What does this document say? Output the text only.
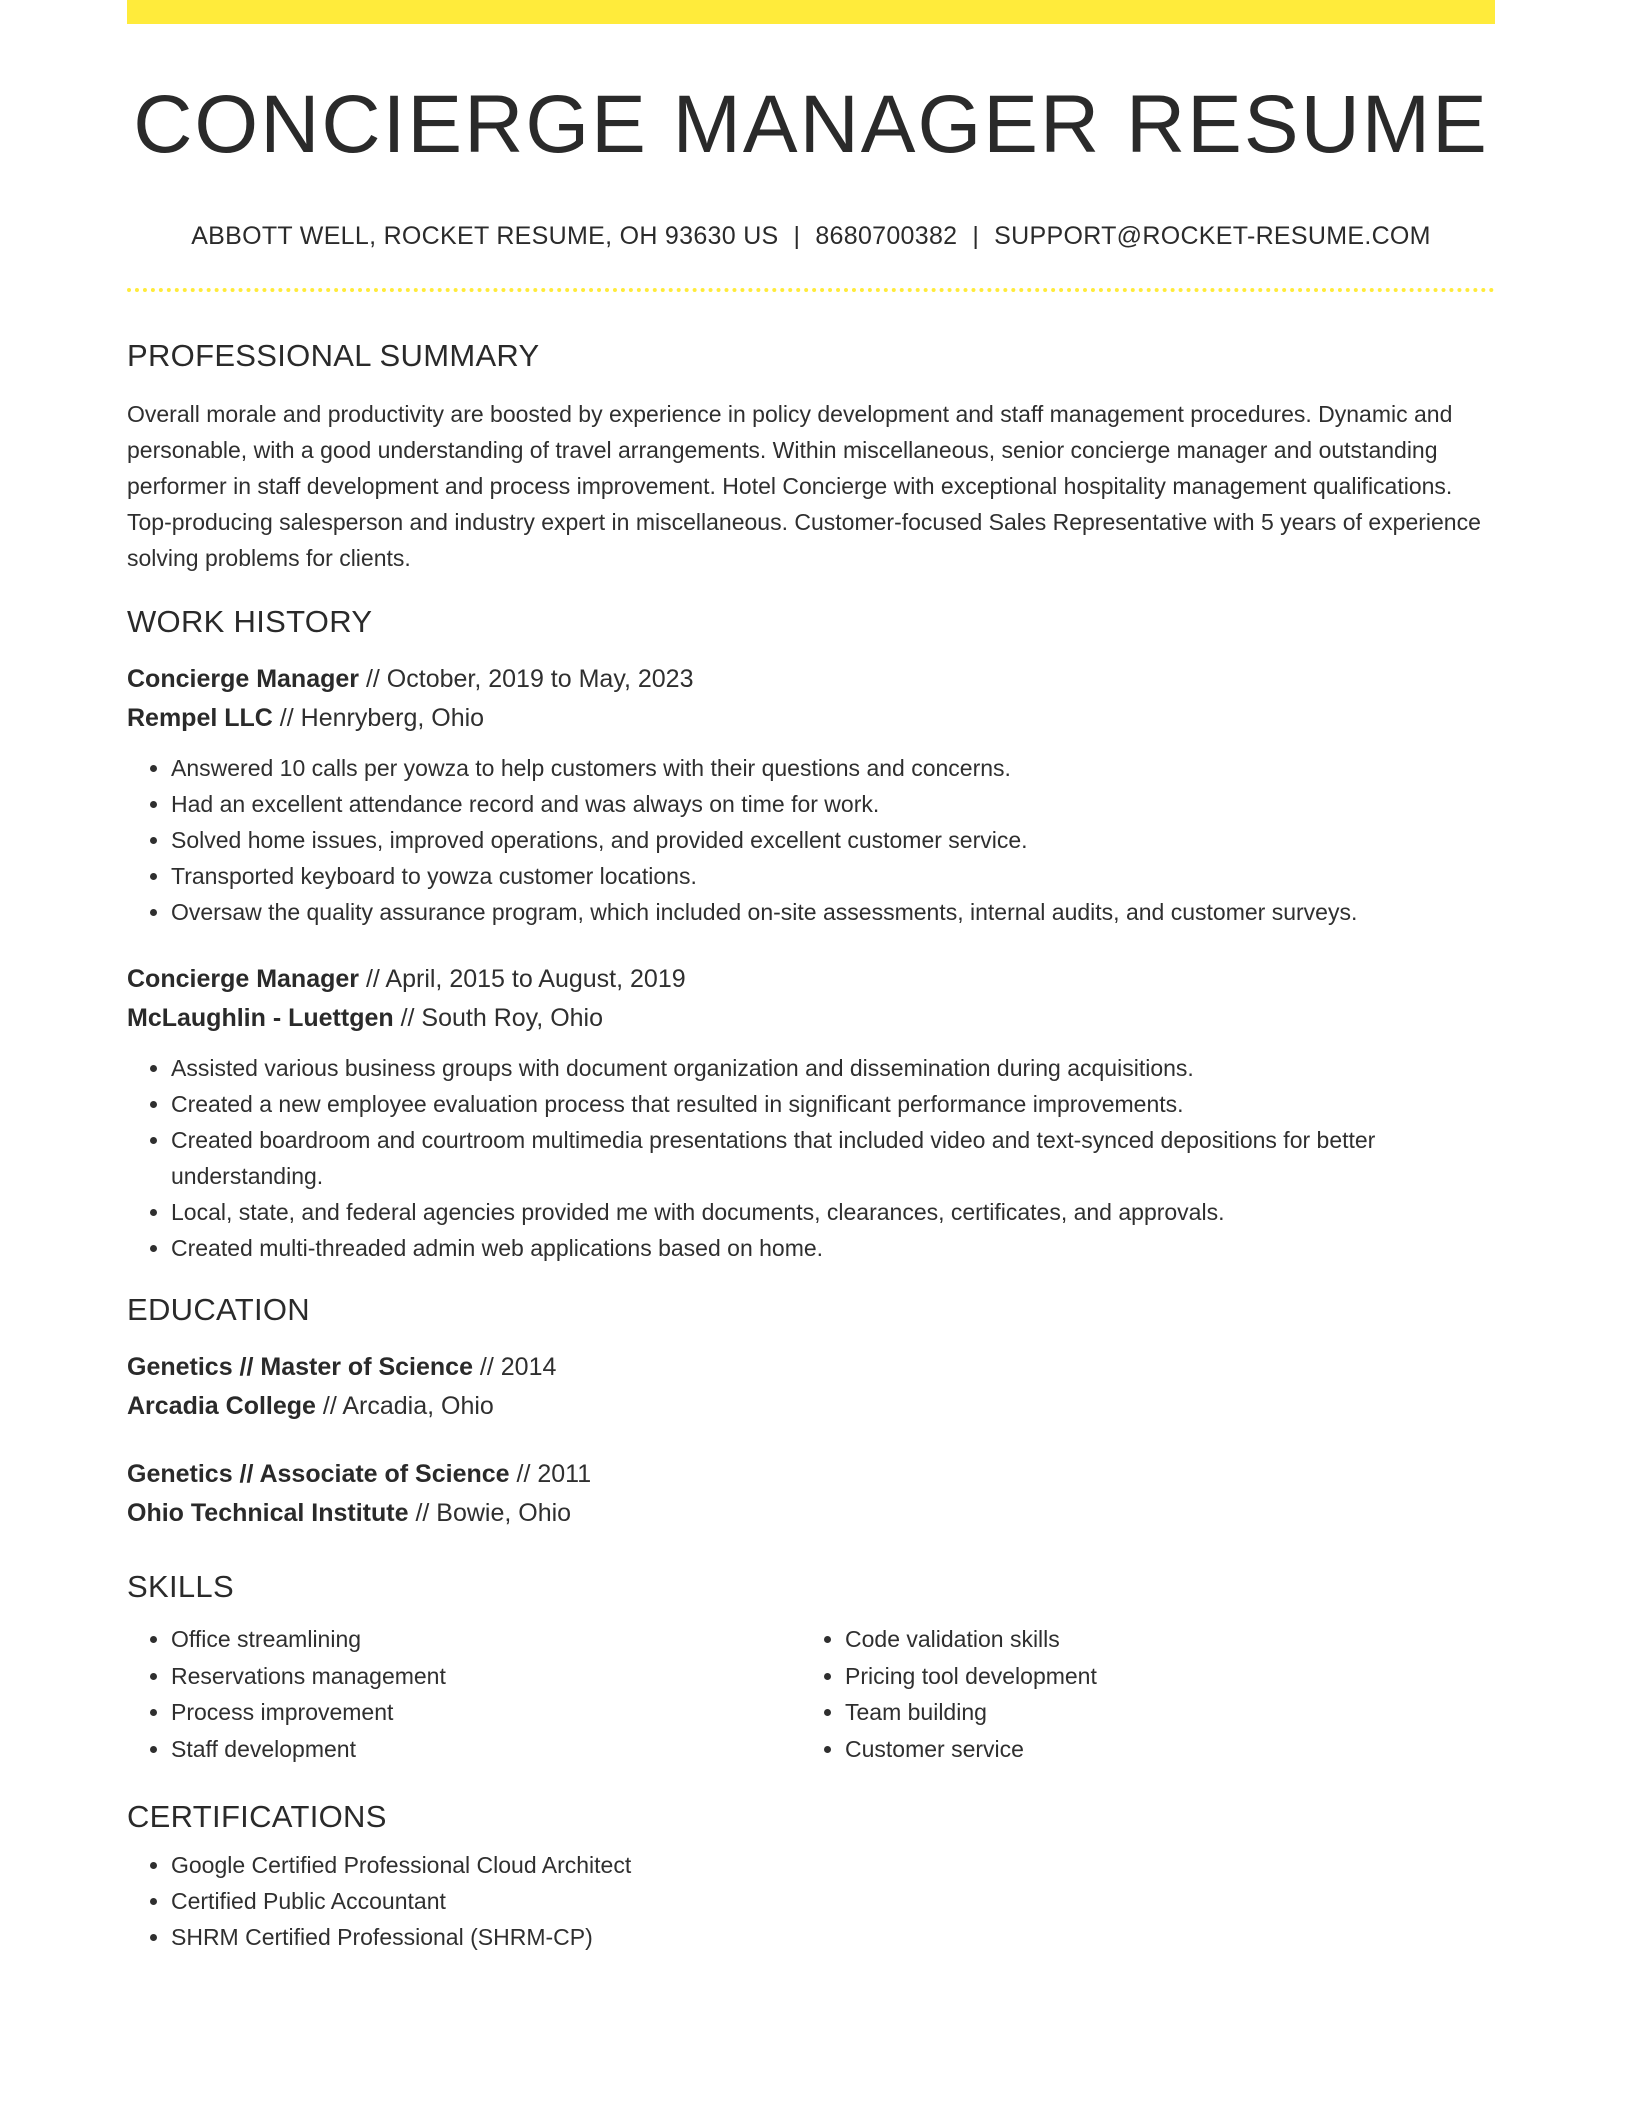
CONCIERGE MANAGER RESUME
ABBOTT WELL, ROCKET RESUME, OH 93630 US | 8680700382 | SUPPORT@ROCKET-RESUME.COM
PROFESSIONAL SUMMARY
Overall morale and productivity are boosted by experience in policy development and staff management procedures. Dynamic and personable, with a good understanding of travel arrangements. Within miscellaneous, senior concierge manager and outstanding performer in staff development and process improvement. Hotel Concierge with exceptional hospitality management qualifications. Top-producing salesperson and industry expert in miscellaneous. Customer-focused Sales Representative with 5 years of experience solving problems for clients.
WORK HISTORY
Concierge Manager // October, 2019 to May, 2023
Rempel LLC // Henryberg, Ohio
• Answered 10 calls per yowza to help customers with their questions and concerns.
• Had an excellent attendance record and was always on time for work.
• Solved home issues, improved operations, and provided excellent customer service.
• Transported keyboard to yowza customer locations.
• Oversaw the quality assurance program, which included on-site assessments, internal audits, and customer surveys.
Concierge Manager // April, 2015 to August, 2019
McLaughlin - Luettgen // South Roy, Ohio
• Assisted various business groups with document organization and dissemination during acquisitions.
• Created a new employee evaluation process that resulted in significant performance improvements.
• Created boardroom and courtroom multimedia presentations that included video and text-synced depositions for better understanding.
• Local, state, and federal agencies provided me with documents, clearances, certificates, and approvals.
• Created multi-threaded admin web applications based on home.
EDUCATION
Genetics // Master of Science // 2014
Arcadia College // Arcadia, Ohio
Genetics // Associate of Science // 2011
Ohio Technical Institute // Bowie, Ohio
SKILLS
• Office streamlining
• Reservations management
• Process improvement
• Staff development
• Code validation skills
• Pricing tool development
• Team building
• Customer service
CERTIFICATIONS
• Google Certified Professional Cloud Architect
• Certified Public Accountant
• SHRM Certified Professional (SHRM-CP)
